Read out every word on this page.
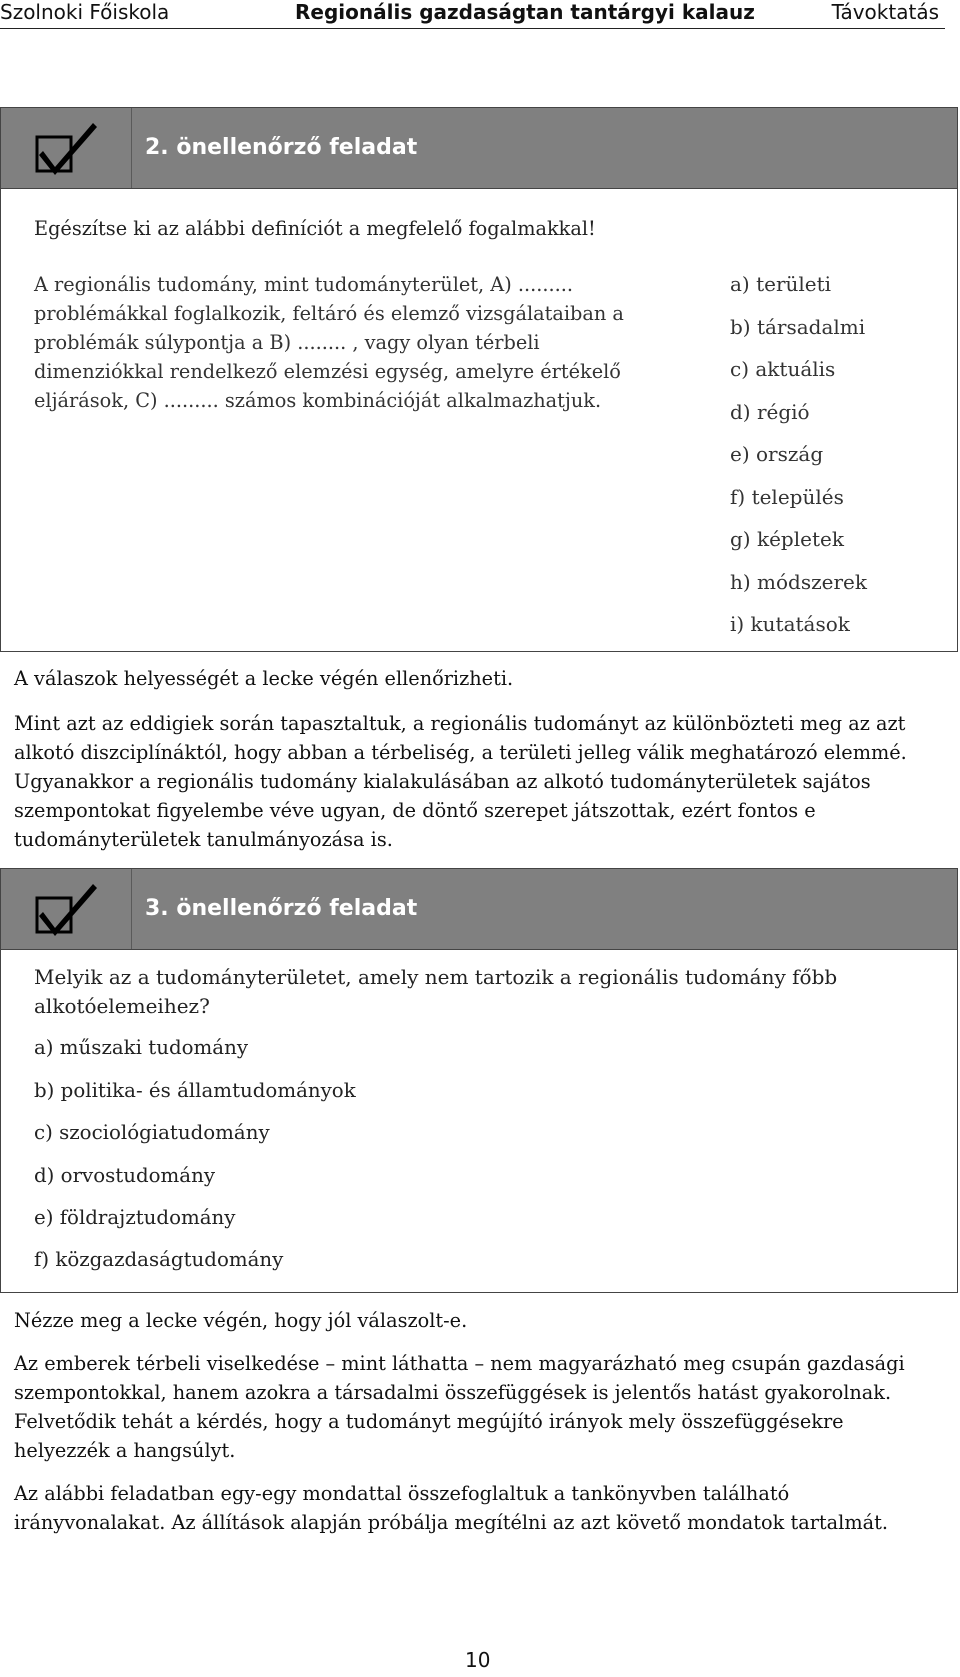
Szolnoki Főiskola	Regionális gazdaságtan tantárgyi kalauz	Távoktatás
2. önellenőrző feladat
Egészítse ki az alábbi definíciót a megfelelő fogalmakkal!
A regionális tudomány, mint tudományterület, A) .........
problémákkal foglalkozik, feltáró és elemző vizsgálataiban a
problémák súlypontja a B) ........ , vagy olyan térbeli
dimenziókkal rendelkező elemzési egység, amelyre értékelő
eljárások, C) ......... számos kombinációját alkalmazhatjuk.
a) területi
b) társadalmi
c) aktuális
d) régió
e) ország
f) település
g) képletek
h) módszerek
i) kutatások
A válaszok helyességét a lecke végén ellenőrizheti.
Mint azt az eddigiek során tapasztaltuk, a regionális tudományt az különbözteti meg az azt
alkotó diszciplínáktól, hogy abban a térbeliség, a területi jelleg válik meghatározó elemmé.
Ugyanakkor a regionális tudomány kialakulásában az alkotó tudományterületek sajátos
szempontokat figyelembe véve ugyan, de döntő szerepet játszottak, ezért fontos e
tudományterületek tanulmányozása is.
3. önellenőrző feladat
Melyik az a tudományterületet, amely nem tartozik a regionális tudomány főbb
alkotóelemeihez?
a) műszaki tudomány
b) politika- és államtudományok
c) szociológiatudomány
d) orvostudomány
e) földrajztudomány
f) közgazdaságtudomány
Nézze meg a lecke végén, hogy jól válaszolt-e.
Az emberek térbeli viselkedése – mint láthatta – nem magyarázható meg csupán gazdasági
szempontokkal, hanem azokra a társadalmi összefüggések is jelentős hatást gyakorolnak.
Felvetődik tehát a kérdés, hogy a tudományt megújító irányok mely összefüggésekre
helyezzék a hangsúlyt.
Az alábbi feladatban egy-egy mondattal összefoglaltuk a tankönyvben található
irányvonalakat. Az állítások alapján próbálja megítélni az azt követő mondatok tartalmát.
10
